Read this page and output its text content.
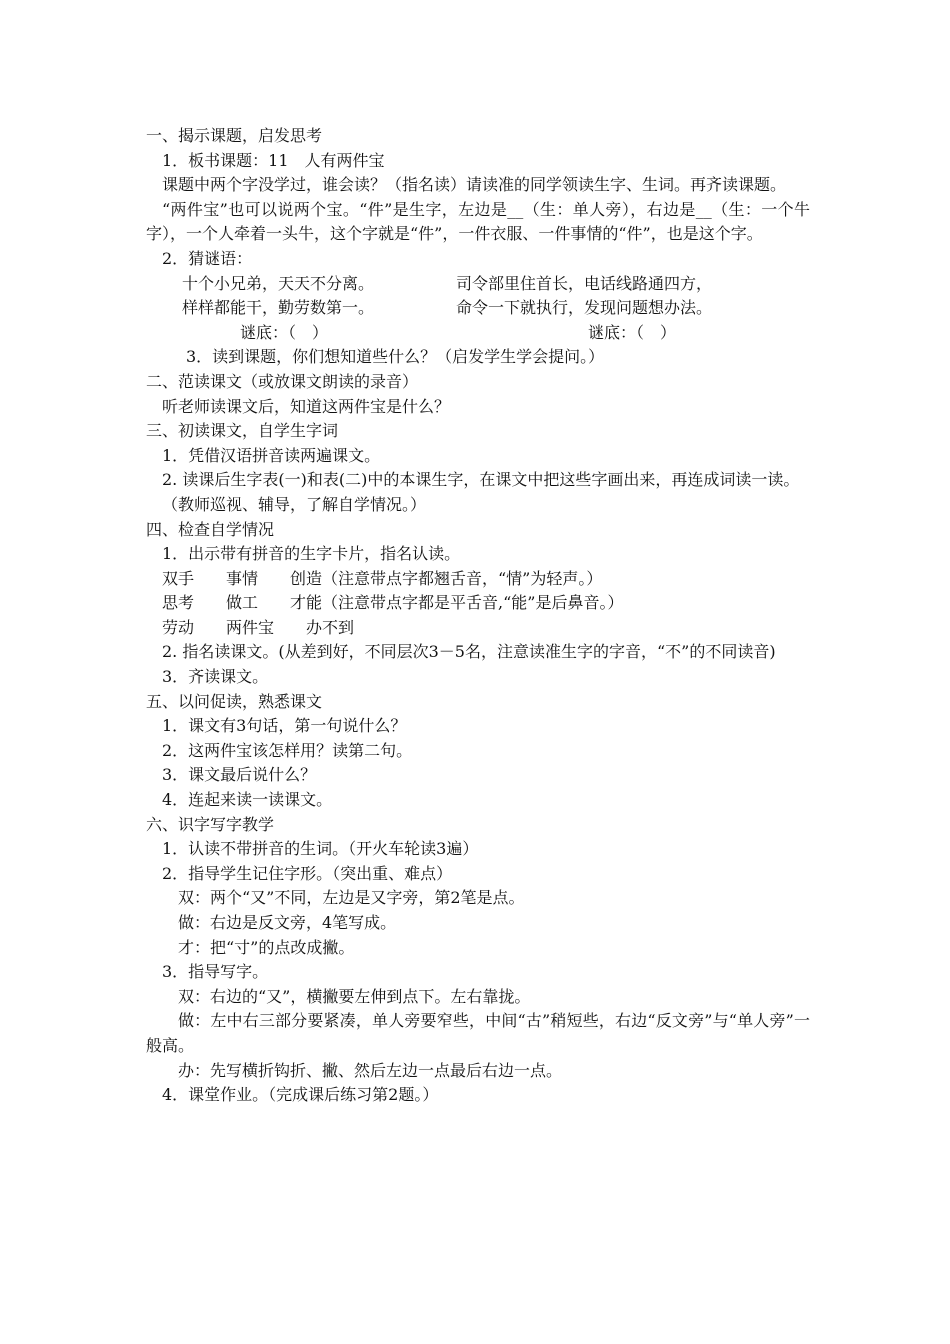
一、揭示课题，启发思考
1．板书课题：11　人有两件宝
课题中两个字没学过，谁会读？（指名读）请读准的同学领读生字、生词。再齐读课题。
“两件宝”也可以说两个宝。“件”是生字，左边是__（生：单人旁），右边是__（生：一个牛字），一个人牵着一头牛，这个字就是“件”，一件衣服、一件事情的“件”，也是这个字。
2．猜谜语：
十个小兄弟，天天不分离。	司令部里住首长，电话线路通四方，
样样都能干，勤劳数第一。	命令一下就执行，发现问题想办法。
谜底：（　）	谜底：（　）
3．读到课题，你们想知道些什么？（启发学生学会提问。）
二、范读课文（或放课文朗读的录音）
听老师读课文后，知道这两件宝是什么？
三、初读课文，自学生字词
1．凭借汉语拼音读两遍课文。
2. 读课后生字表(一)和表(二)中的本课生字，在课文中把这些字画出来，再连成词读一读。
（教师巡视、辅导，了解自学情况。）
四、检查自学情况
1．出示带有拼音的生字卡片，指名认读。
双手　　事情　　创造（注意带点字都翘舌音，“情”为轻声。）
思考　　做工　　才能（注意带点字都是平舌音,“能”是后鼻音。）
劳动　　两件宝　　办不到
2. 指名读课文。(从差到好，不同层次3－5名，注意读准生字的字音，“不”的不同读音)
3．齐读课文。
五、以问促读，熟悉课文
1．课文有3句话，第一句说什么？
2．这两件宝该怎样用？读第二句。
3．课文最后说什么？
4．连起来读一读课文。
六、识字写字教学
1．认读不带拼音的生词。（开火车轮读3遍）
2．指导学生记住字形。（突出重、难点）
双：两个“又”不同，左边是又字旁，第2笔是点。
做：右边是反文旁，4笔写成。
才：把“寸”的点改成撇。
3．指导写字。
双：右边的“又”，横撇要左伸到点下。左右靠拢。
做：左中右三部分要紧凑，单人旁要窄些，中间“古”稍短些，右边“反文旁”与“单人旁”一般高。
办：先写横折钩折、撇、然后左边一点最后右边一点。
4．课堂作业。（完成课后练习第2题。）
